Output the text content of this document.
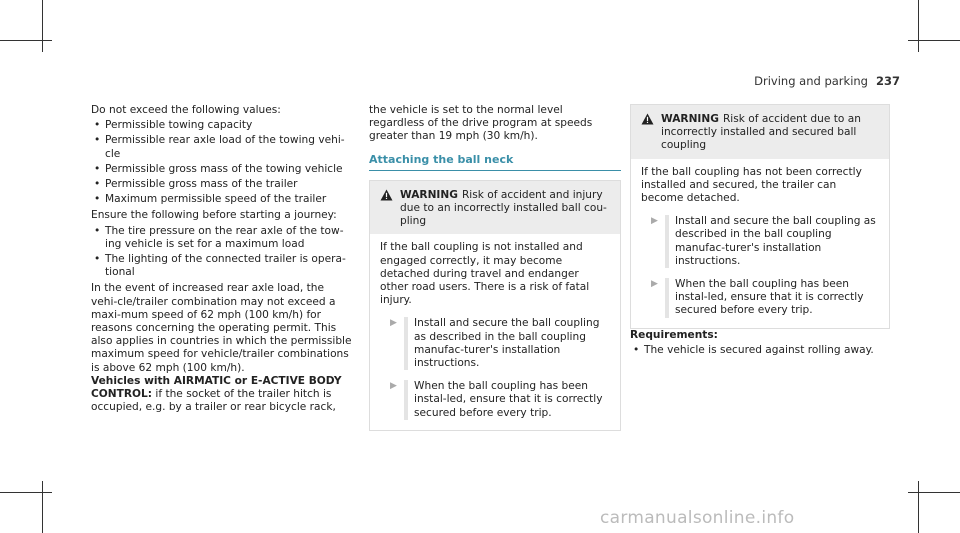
Driving and parking 237

Do not exceed the following values:

• Permissible towing capacity
• Permissible rear axle load of the towing vehi-cle
• Permissible gross mass of the towing vehicle
• Permissible gross mass of the trailer
• Maximum permissible speed of the trailer

Ensure the following before starting a journey:

• The tire pressure on the rear axle of the tow-ing vehicle is set for a maximum load
• The lighting of the connected trailer is opera-tional

In the event of increased rear axle load, the vehi-cle/trailer combination may not exceed a maxi-mum speed of 62 mph (100 km/h) for reasons concerning the operating permit. This also applies in countries in which the permissible maximum speed for vehicle/trailer combinations is above 62 mph (100 km/h).

Vehicles with AIRMATIC or E-ACTIVE BODY CONTROL: if the socket of the trailer hitch is occupied, e.g. by a trailer or rear bicycle rack,

the vehicle is set to the normal level regardless of the drive program at speeds greater than 19 mph (30 km/h).

Attaching the ball neck
WARNING Risk of accident and injury due to an incorrectly installed ball cou-pling

If the ball coupling is not installed and engaged correctly, it may become detached during travel and endanger other road users. There is a risk of fatal injury.

▶	Install and secure the ball coupling as described in the ball coupling manufac-turer's installation instructions.
▶	When the ball coupling has been instal-led, ensure that it is correctly secured before every trip.
WARNING Risk of accident due to an incorrectly installed and secured ball coupling

If the ball coupling has not been correctly installed and secured, the trailer can become detached.

▶	Install and secure the ball coupling as described in the ball coupling manufac-turer's installation instructions.
▶	When the ball coupling has been instal-led, ensure that it is correctly secured before every trip.

Requirements:

• The vehicle is secured against rolling away.
carmanualsonline.info
